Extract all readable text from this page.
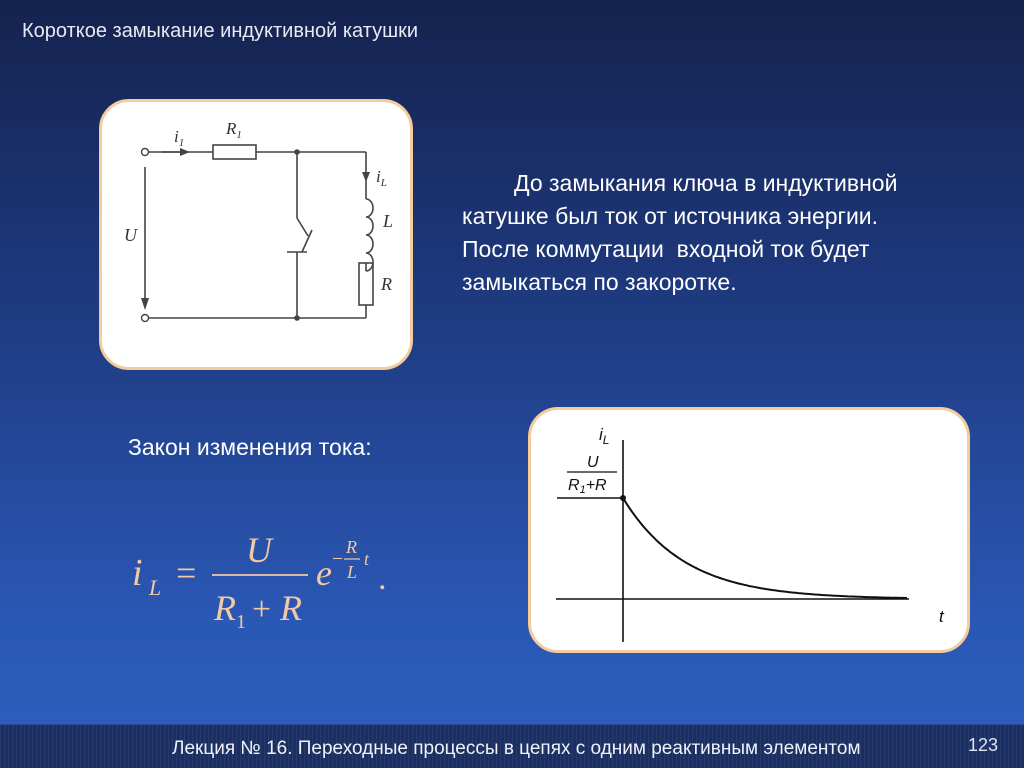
Короткое замыкание индуктивной катушки
$i_1$
$R_1$
$i_L$
L
R
U
До замыкания ключа в индуктивной
катушке был ток от источника энергии.
После коммутации  входной ток будет
замыкаться по закоротке.
Закон изменения тока:
i L =
U
R 1 + R
e −
R
L
t
.
$i_L$
t
U
R1+R
Лекция № 16. Переходные процессы в цепях с одним реактивным элементом	123
